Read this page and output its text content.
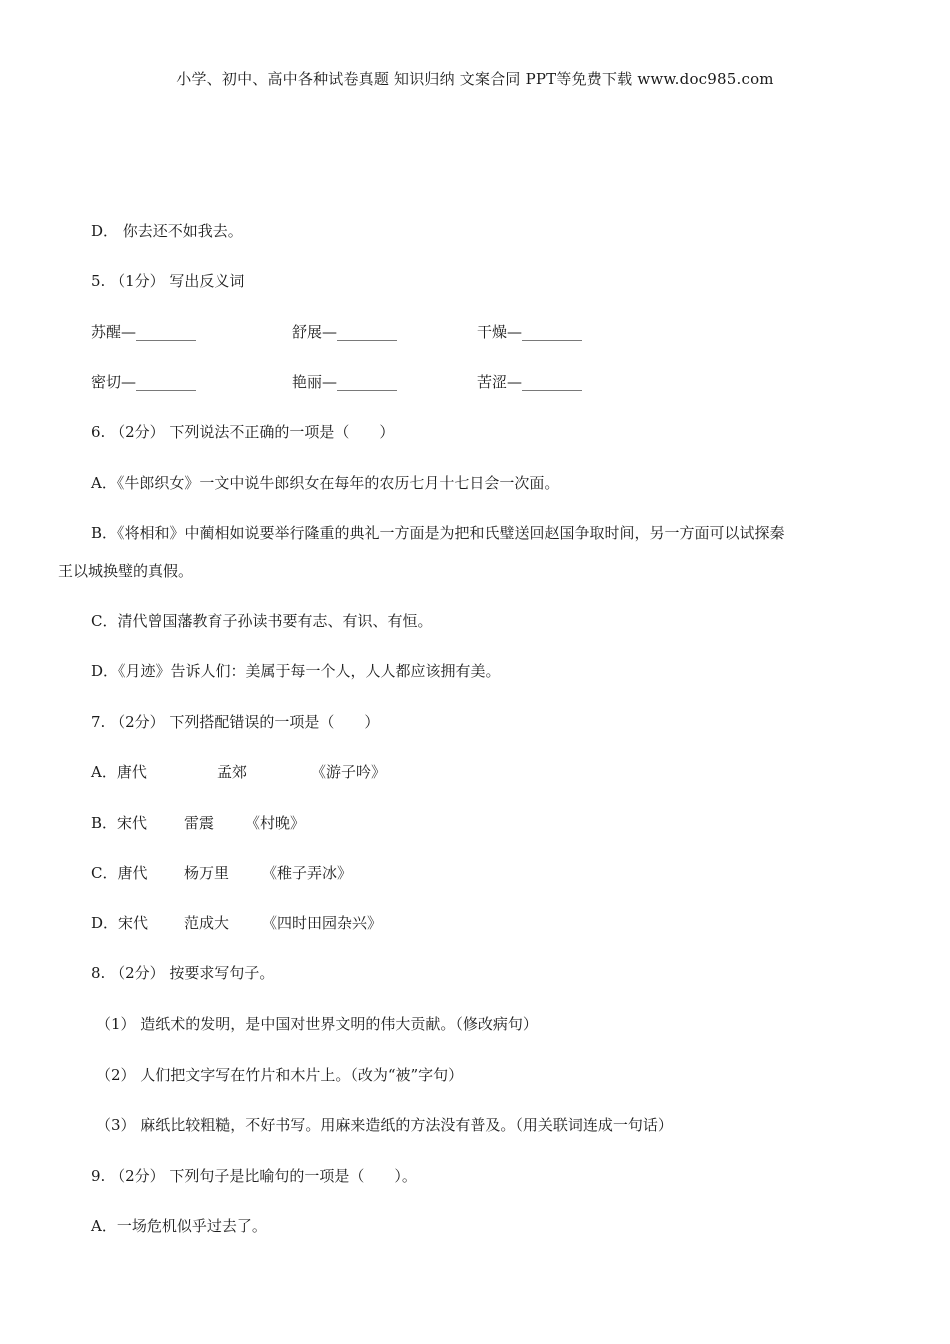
小学、初中、高中各种试卷真题 知识归纳 文案合同 PPT等免费下载 www.doc985.com
D． 你去还不如我去。
5. （1分） 写出反义词
苏醒—________	舒展—________	干燥—________
密切—________	艳丽—________	苦涩—________
6. （2分） 下列说法不正确的一项是（　　）
A．《牛郎织女》一文中说牛郎织女在每年的农历七月十七日会一次面。
B．《将相和》中蔺相如说要举行隆重的典礼一方面是为把和氏璧送回赵国争取时间，另一方面可以试探秦
王以城换璧的真假。
C．清代曾国藩教育子孙读书要有志、有识、有恒。
D．《月迹》告诉人们：美属于每一个人，人人都应该拥有美。
7. （2分） 下列搭配错误的一项是（　　）
A．唐代	孟郊	《游子吟》
B．宋代 雷震 《村晚》
C．唐代 杨万里 《稚子弄冰》
D．宋代 范成大 《四时田园杂兴》
8. （2分） 按要求写句子。
（1） 造纸术的发明，是中国对世界文明的伟大贡献。（修改病句）
（2） 人们把文字写在竹片和木片上。（改为“被”字句）
（3） 麻纸比较粗糙，不好书写。用麻来造纸的方法没有普及。（用关联词连成一句话）
9. （2分） 下列句子是比喻句的一项是（　　）。
A．一场危机似乎过去了。
